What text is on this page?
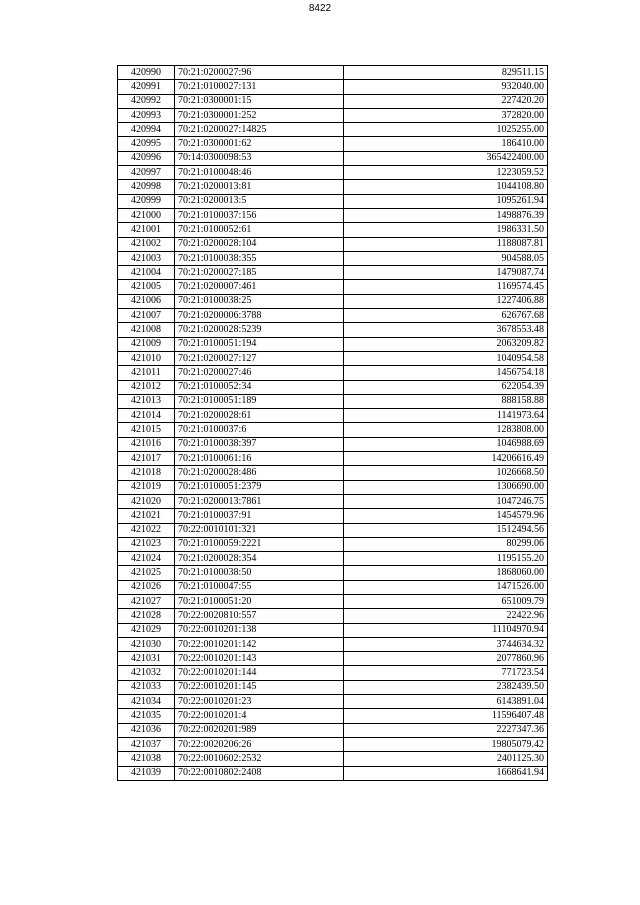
8422
420990	70:21:0200027:96	829511.15
420991	70:21:0100027:131	932040.00
420992	70:21:0300001:15	227420.20
420993	70:21:0300001:252	372820.00
420994	70:21:0200027:14825	1025255.00
420995	70:21:0300001:62	186410.00
420996	70:14:0300098:53	365422400.00
420997	70:21:0100048:46	1223059.52
420998	70:21:0200013:81	1044108.80
420999	70:21:0200013:5	1095261.94
421000	70:21:0100037:156	1498876.39
421001	70:21:0100052:61	1986331.50
421002	70:21:0200028:104	1188087.81
421003	70:21:0100038:355	904588.05
421004	70:21:0200027:185	1479087.74
421005	70:21:0200007:461	1169574.45
421006	70:21:0100038:25	1227406.88
421007	70:21:0200006:3788	626767.68
421008	70:21:0200028:5239	3678553.48
421009	70:21:0100051:194	2063209.82
421010	70:21:0200027:127	1040954.58
421011	70:21:0200027:46	1456754.18
421012	70:21:0100052:34	622054.39
421013	70:21:0100051:189	888158.88
421014	70:21:0200028:61	1141973.64
421015	70:21:0100037:6	1283808.00
421016	70:21:0100038:397	1046988.69
421017	70:21:0100061:16	14206616.49
421018	70:21:0200028:486	1026668.50
421019	70:21:0100051:2379	1306690.00
421020	70:21:0200013:7861	1047246.75
421021	70:21:0100037:91	1454579.96
421022	70:22:0010101:321	1512494.56
421023	70:21:0100059:2221	80299.06
421024	70:21:0200028:354	1195155.20
421025	70:21:0100038:50	1868060.00
421026	70:21:0100047:55	1471526.00
421027	70:21:0100051:20	651009.79
421028	70:22:0020810:557	22422.96
421029	70:22:0010201:138	11104970.94
421030	70:22:0010201:142	3744634.32
421031	70:22:0010201:143	2077860.96
421032	70:22:0010201:144	771723.54
421033	70:22:0010201:145	2382439.50
421034	70:22:0010201:23	6143891.04
421035	70:22:0010201:4	11596407.48
421036	70:22:0020201:989	2227347.36
421037	70:22:0020206:26	19805079.42
421038	70:22:0010602:2532	2401125.30
421039	70:22:0010802:2408	1668641.94
